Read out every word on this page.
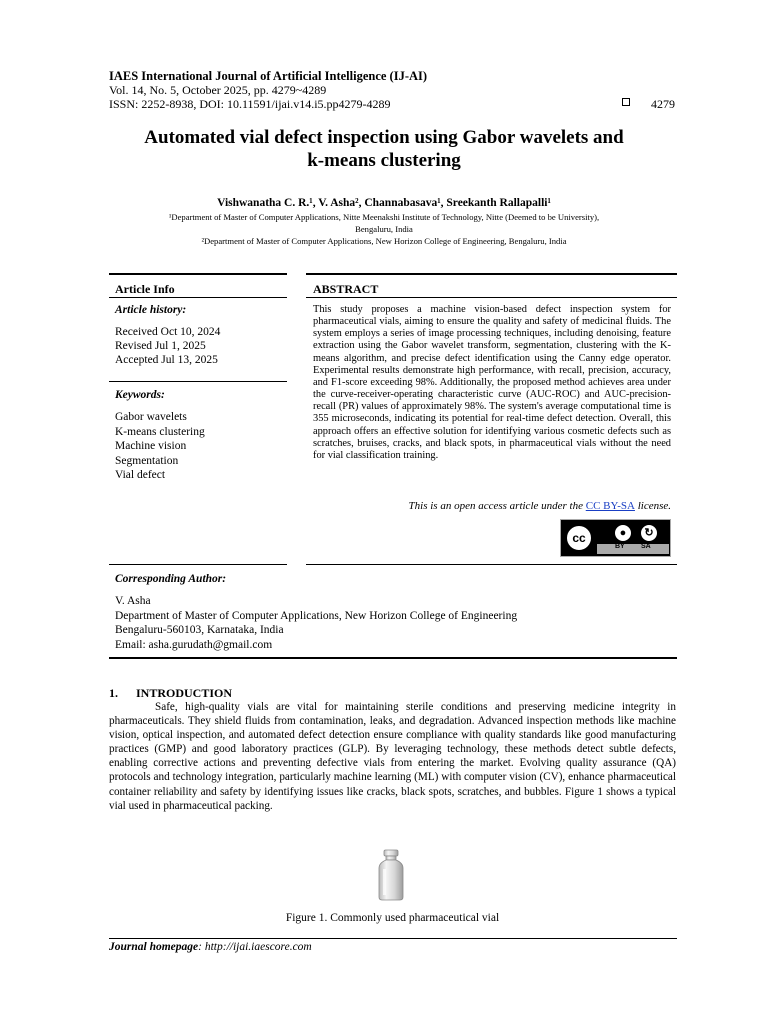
IAES International Journal of Artificial Intelligence (IJ-AI)
Vol. 14, No. 5, October 2025, pp. 4279~4289
ISSN: 2252-8938, DOI: 10.11591/ijai.v14.i5.pp4279-4289	4279
Automated vial defect inspection using Gabor wavelets and
k-means clustering
Vishwanatha C. R.¹, V. Asha², Channabasava¹, Sreekanth Rallapalli¹
¹Department of Master of Computer Applications, Nitte Meenakshi Institute of Technology, Nitte (Deemed to be University),
Bengaluru, India
²Department of Master of Computer Applications, New Horizon College of Engineering, Bengaluru, India
Article Info
Article history:
Received Oct 10, 2024
Revised Jul 1, 2025
Accepted Jul 13, 2025
Keywords:
Gabor wavelets
K-means clustering
Machine vision
Segmentation
Vial defect
ABSTRACT
This study proposes a machine vision-based defect inspection system for pharmaceutical vials, aiming to ensure the quality and safety of medicinal fluids. The system employs a series of image processing techniques, including denoising, feature extraction using the Gabor wavelet transform, segmentation, clustering with the K-means algorithm, and precise defect identification using the Canny edge operator. Experimental results demonstrate high performance, with recall, precision, accuracy, and F1-score exceeding 98%. Additionally, the proposed method achieves area under the curve-receiver-operating characteristic curve (AUC-ROC) and AUC-precision-recall (PR) values of approximately 98%. The system's average computational time is 355 microseconds, indicating its potential for real-time defect detection. Overall, this approach offers an effective solution for identifying various cosmetic defects such as scratches, bruises, cracks, and black spots, in pharmaceutical vials without the need for vial classification training.
This is an open access article under the CC BY-SA license.
cc	●	↻
BY SA
Corresponding Author:
V. Asha
Department of Master of Computer Applications, New Horizon College of Engineering
Bengaluru-560103, Karnataka, India
Email: asha.gurudath@gmail.com
1.      INTRODUCTION
Safe, high-quality vials are vital for maintaining sterile conditions and preserving medicine integrity in pharmaceuticals. They shield fluids from contamination, leaks, and degradation. Advanced inspection methods like machine vision, optical inspection, and automated defect detection ensure compliance with quality standards like good manufacturing practices (GMP) and good laboratory practices (GLP). By leveraging technology, these methods detect subtle defects, enabling corrective actions and preventing defective vials from entering the market. Evolving quality assurance (QA) protocols and technology integration, particularly machine learning (ML) with computer vision (CV), enhance pharmaceutical container reliability and safety by identifying issues like cracks, black spots, scratches, and bubbles. Figure 1 shows a typical vial used in pharmaceutical packing.
Figure 1. Commonly used pharmaceutical vial
Journal homepage: http://ijai.iaescore.com
